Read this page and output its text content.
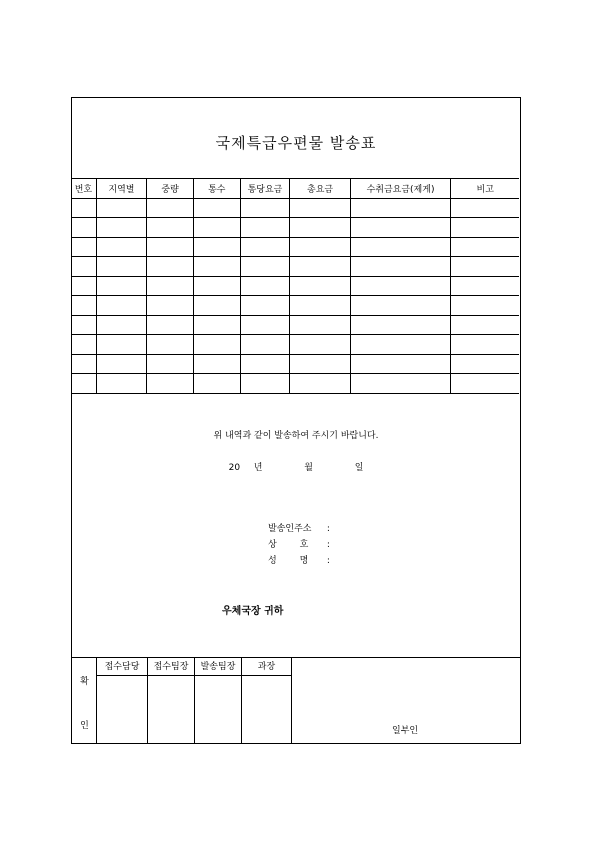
국제특급우편물 발송표
번호	지역별	중량	통수	통당요금	총요금	수취금요금(제게)	비고

위 내역과 같이 발송하여 주시기 바랍니다.
20 년	월	일
발송인주소 :
상        호 :
성        명 :
우체국장 귀하
확
인
접수담당	접수팀장	발송팀장	과장
일부인
